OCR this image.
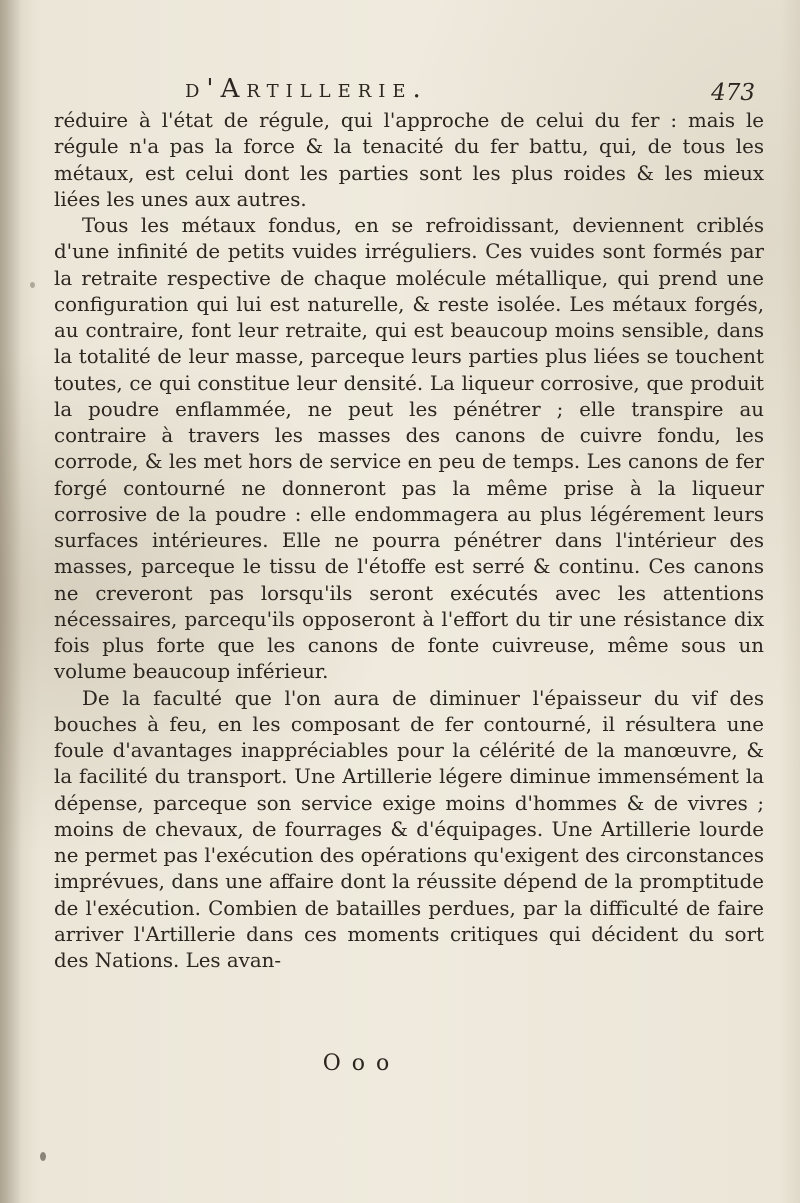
d'Artillerie.	473

réduire à l'état de régule, qui l'approche de celui du fer : mais le régule n'a pas la force & la tenacité du fer battu, qui, de tous les métaux, est celui dont les parties sont les plus roides & les mieux liées les unes aux autres.

Tous les métaux fondus, en se refroidissant, deviennent criblés d'une infinité de petits vuides irréguliers. Ces vuides sont formés par la retraite respective de chaque molécule métallique, qui prend une configuration qui lui est naturelle, & reste isolée. Les métaux forgés, au contraire, font leur retraite, qui est beaucoup moins sensible, dans la totalité de leur masse, parceque leurs parties plus liées se touchent toutes, ce qui constitue leur densité. La liqueur corrosive, que produit la poudre enflammée, ne peut les pénétrer ; elle transpire au contraire à travers les masses des canons de cuivre fondu, les corrode, & les met hors de service en peu de temps. Les canons de fer forgé contourné ne donneront pas la même prise à la liqueur corrosive de la poudre : elle endommagera au plus légérement leurs surfaces intérieures. Elle ne pourra pénétrer dans l'intérieur des masses, parceque le tissu de l'étoffe est serré & continu. Ces canons ne creveront pas lorsqu'ils seront exécutés avec les attentions nécessaires, parcequ'ils opposeront à l'effort du tir une résistance dix fois plus forte que les canons de fonte cuivreuse, même sous un volume beaucoup inférieur.

De la faculté que l'on aura de diminuer l'épaisseur du vif des bouches à feu, en les composant de fer contourné, il résultera une foule d'avantages inappréciables pour la célérité de la manœuvre, & la facilité du transport. Une Artillerie légere diminue immensément la dépense, parceque son service exige moins d'hommes & de vivres ; moins de chevaux, de fourrages & d'équipages. Une Artillerie lourde ne permet pas l'exécution des opérations qu'exigent des circonstances imprévues, dans une affaire dont la réussite dépend de la promptitude de l'exécution. Combien de batailles perdues, par la difficulté de faire arriver l'Artillerie dans ces moments critiques qui décident du sort des Nations. Les avan-

O o o
